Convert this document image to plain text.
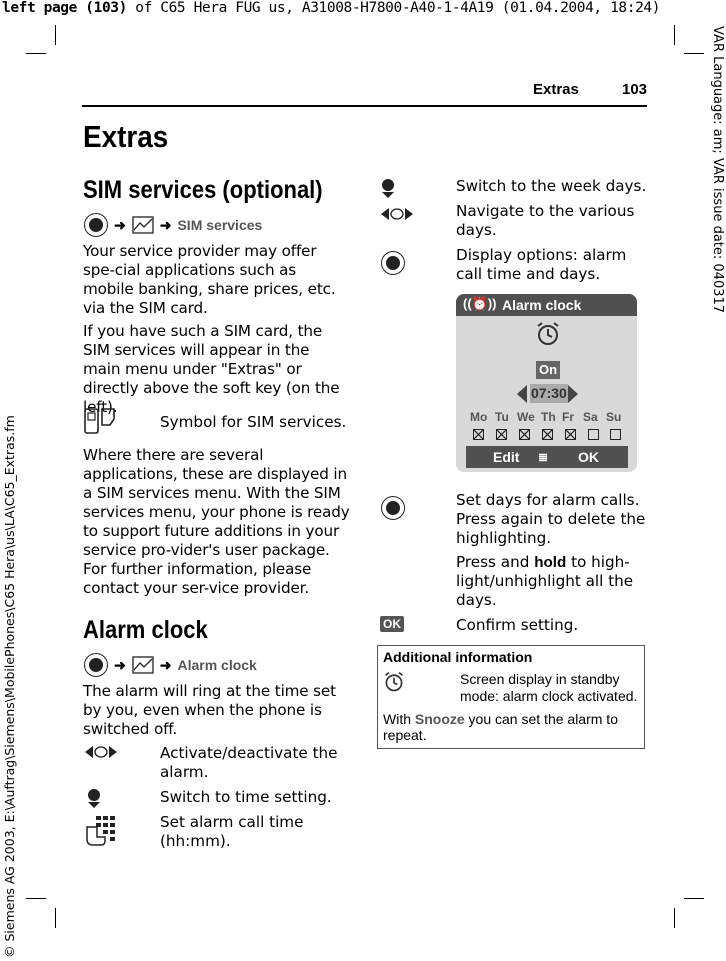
left page (103) of C65 Hera FUG us, A31008-H7800-A40-1-4A19 (01.04.2004, 18:24)
VAR Language: am; VAR issue date: 040317
© Siemens AG 2003, E:\Auftrag\Siemens\MobilePhones\C65 Hera\us\LA\C65_Extras.fm
Extras	103
Extras
SIM services (optional)
➜ ➜ SIM services
Your service provider may offer spe-cial applications such as mobile banking, share prices, etc. via the SIM card.
If you have such a SIM card, the SIM services will appear in the main menu under "Extras" or directly above the soft key (on the left).
Symbol for SIM services.
Where there are several applications, these are displayed in a SIM services menu. With the SIM services menu, your phone is ready to support future additions in your service pro-vider's user package. For further information, please contact your ser-vice provider.
Alarm clock
➜ ➜ Alarm clock
The alarm will ring at the time set by you, even when the phone is switched off.
Activate/deactivate the alarm.
Switch to time setting.
Set alarm call time (hh:mm).
Switch to the week days.
Navigate to the various days.
Display options: alarm call time and days.
((⏰)) Alarm clock
On
07:30
Mo Tu We Th Fr Sa Su
Edit ≣ OK
Set days for alarm calls. Press again to delete the highlighting.
Press and hold to high-light/unhighlight all the days.
OK	Confirm setting.
Additional information
Screen display in standby mode: alarm clock activated.
With Snooze you can set the alarm to repeat.
